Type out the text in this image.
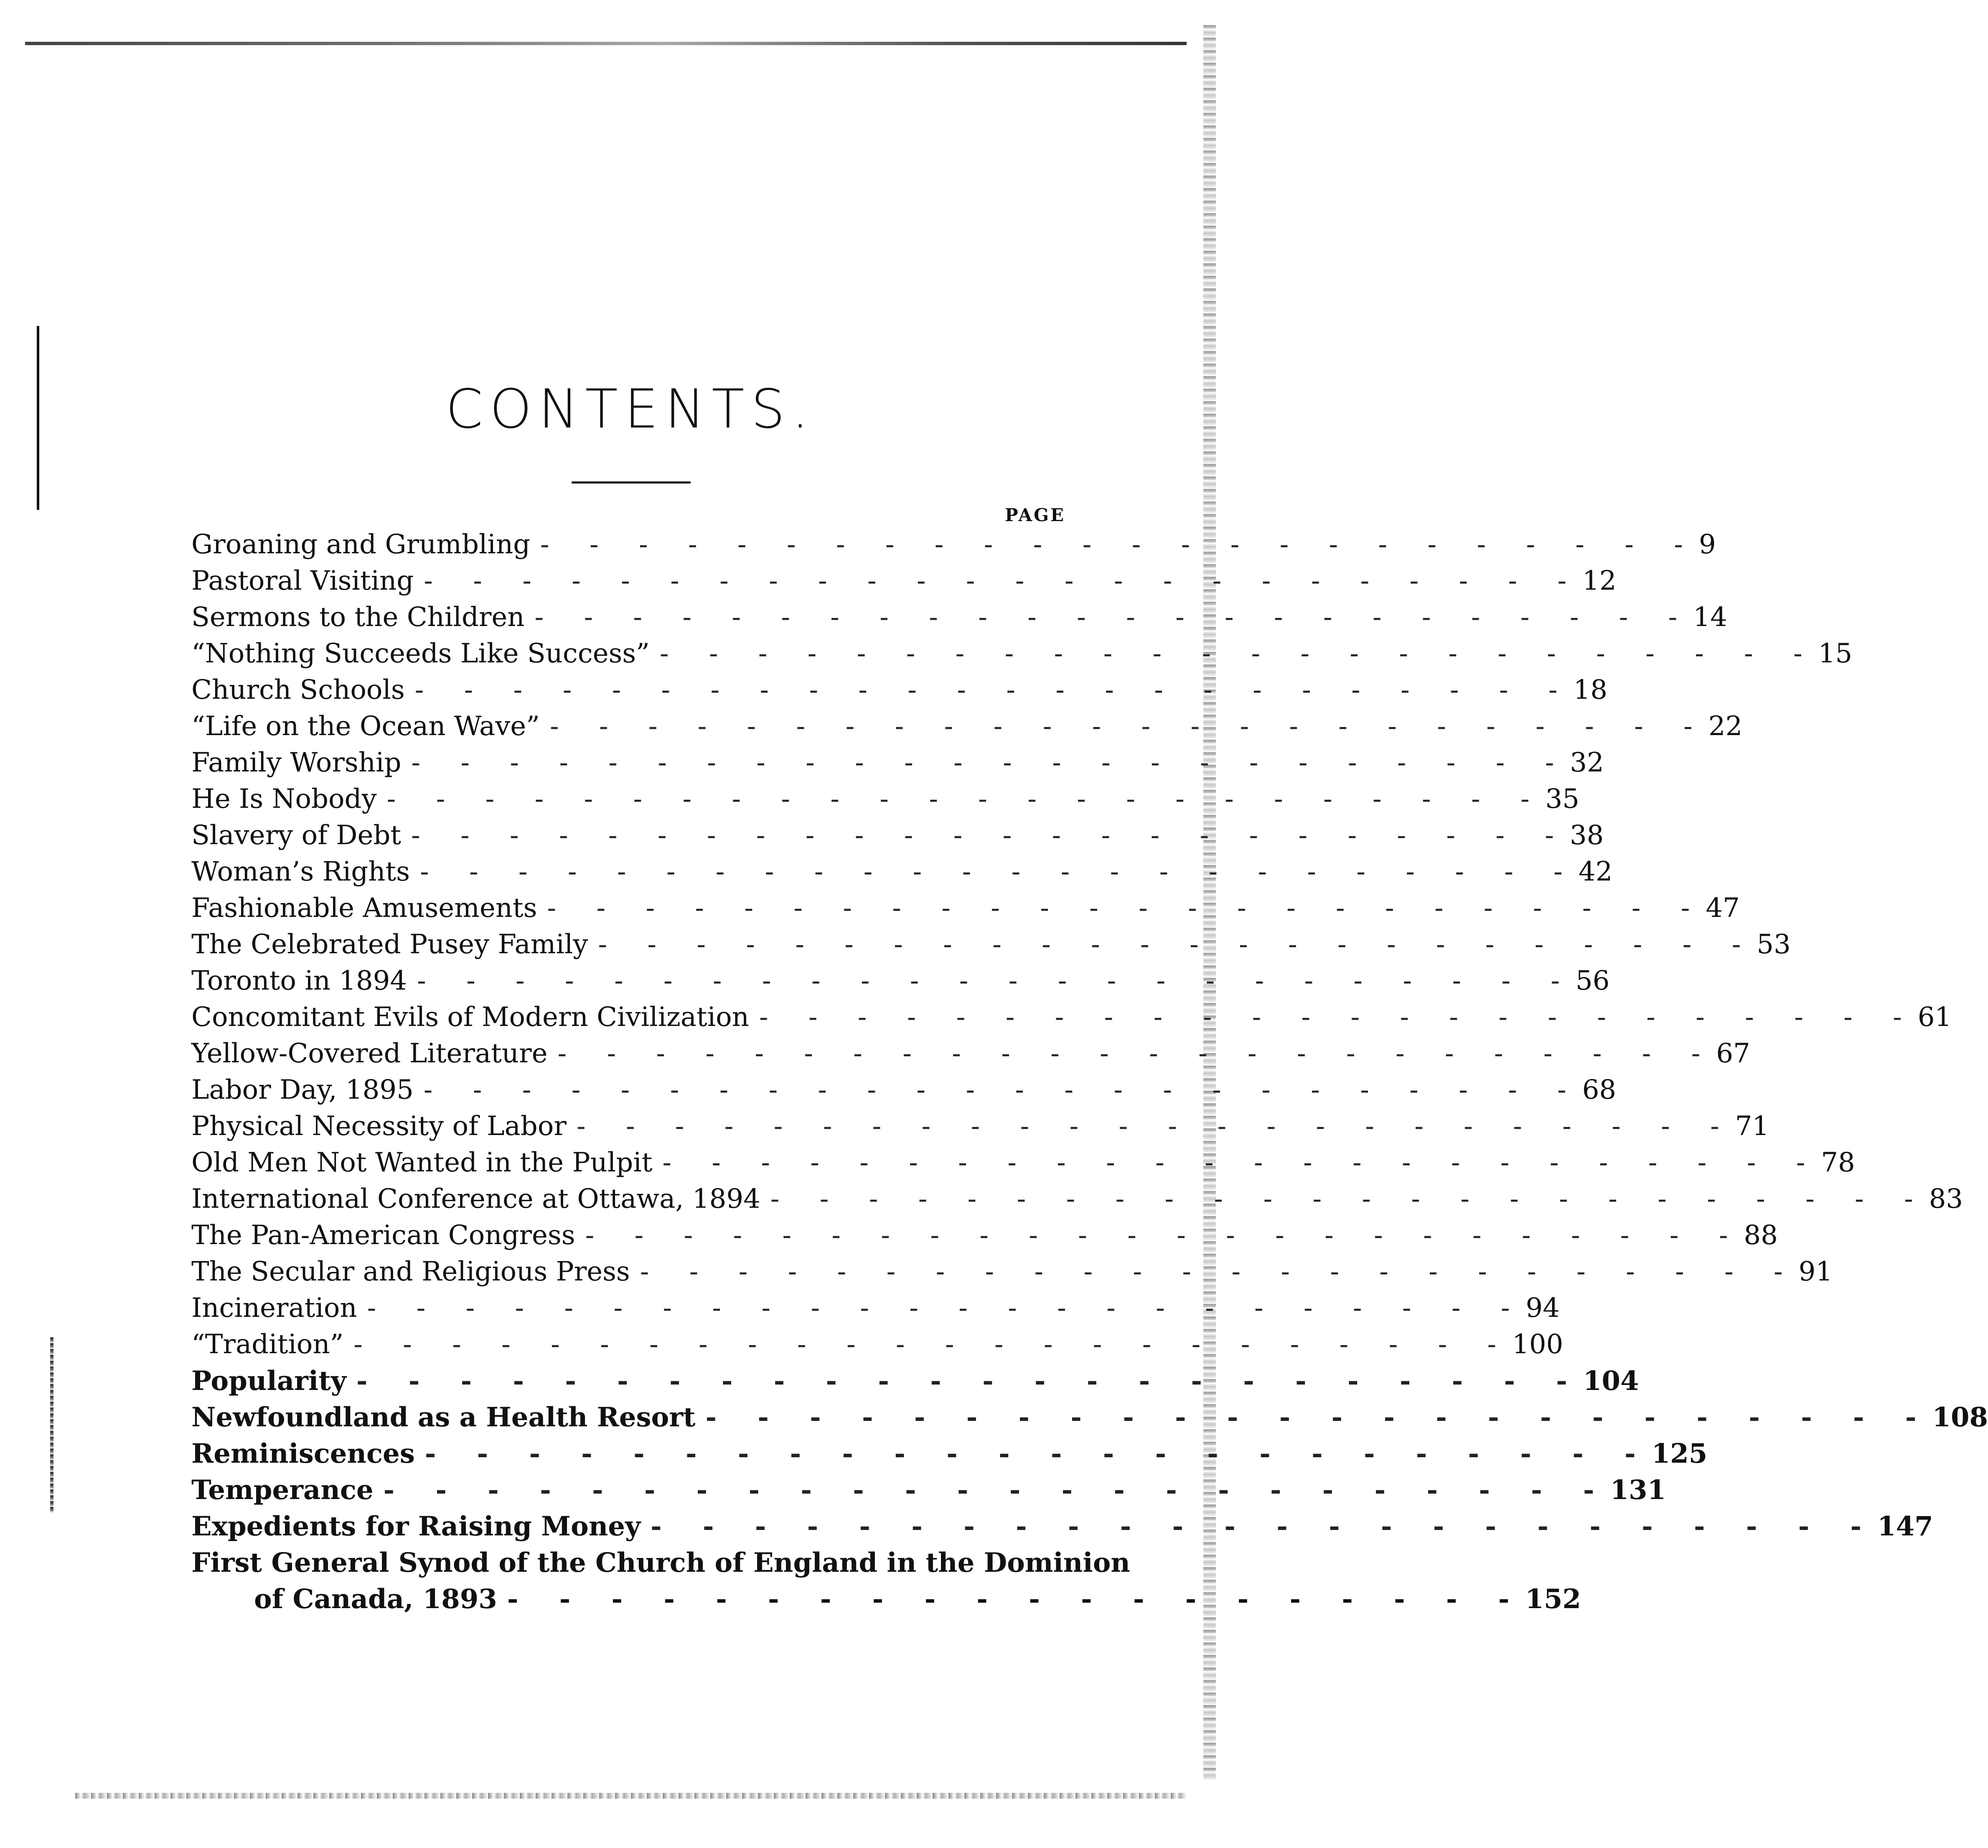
CONTENTS.
PAGE
Groaning and Grumbling - - - - - - - - - - - - - - - - - - - - - - - - 9
Pastoral Visiting - - - - - - - - - - - - - - - - - - - - - - - - 12
Sermons to the Children - - - - - - - - - - - - - - - - - - - - - - - - 14
“Nothing Succeeds Like Success” - - - - - - - - - - - - - - - - - - - - - - - - 15
Church Schools - - - - - - - - - - - - - - - - - - - - - - - - 18
“Life on the Ocean Wave” - - - - - - - - - - - - - - - - - - - - - - - - 22
Family Worship - - - - - - - - - - - - - - - - - - - - - - - - 32
He Is Nobody - - - - - - - - - - - - - - - - - - - - - - - - 35
Slavery of Debt - - - - - - - - - - - - - - - - - - - - - - - - 38
Woman’s Rights - - - - - - - - - - - - - - - - - - - - - - - - 42
Fashionable Amusements - - - - - - - - - - - - - - - - - - - - - - - - 47
The Celebrated Pusey Family - - - - - - - - - - - - - - - - - - - - - - - - 53
Toronto in 1894 - - - - - - - - - - - - - - - - - - - - - - - - 56
Concomitant Evils of Modern Civilization - - - - - - - - - - - - - - - - - - - - - - - - 61
Yellow-Covered Literature - - - - - - - - - - - - - - - - - - - - - - - - 67
Labor Day, 1895 - - - - - - - - - - - - - - - - - - - - - - - - 68
Physical Necessity of Labor - - - - - - - - - - - - - - - - - - - - - - - - 71
Old Men Not Wanted in the Pulpit - - - - - - - - - - - - - - - - - - - - - - - - 78
International Conference at Ottawa, 1894 - - - - - - - - - - - - - - - - - - - - - - - - 83
The Pan-American Congress - - - - - - - - - - - - - - - - - - - - - - - - 88
The Secular and Religious Press - - - - - - - - - - - - - - - - - - - - - - - - 91
Incineration - - - - - - - - - - - - - - - - - - - - - - - - 94
“Tradition” - - - - - - - - - - - - - - - - - - - - - - - - 100
Popularity - - - - - - - - - - - - - - - - - - - - - - - - 104
Newfoundland as a Health Resort - - - - - - - - - - - - - - - - - - - - - - - - 108
Reminiscences - - - - - - - - - - - - - - - - - - - - - - - - 125
Temperance - - - - - - - - - - - - - - - - - - - - - - - - 131
Expedients for Raising Money - - - - - - - - - - - - - - - - - - - - - - - - 147
First General Synod of the Church of England in the Dominion
of Canada, 1893 - - - - - - - - - - - - - - - - - - - - 152
